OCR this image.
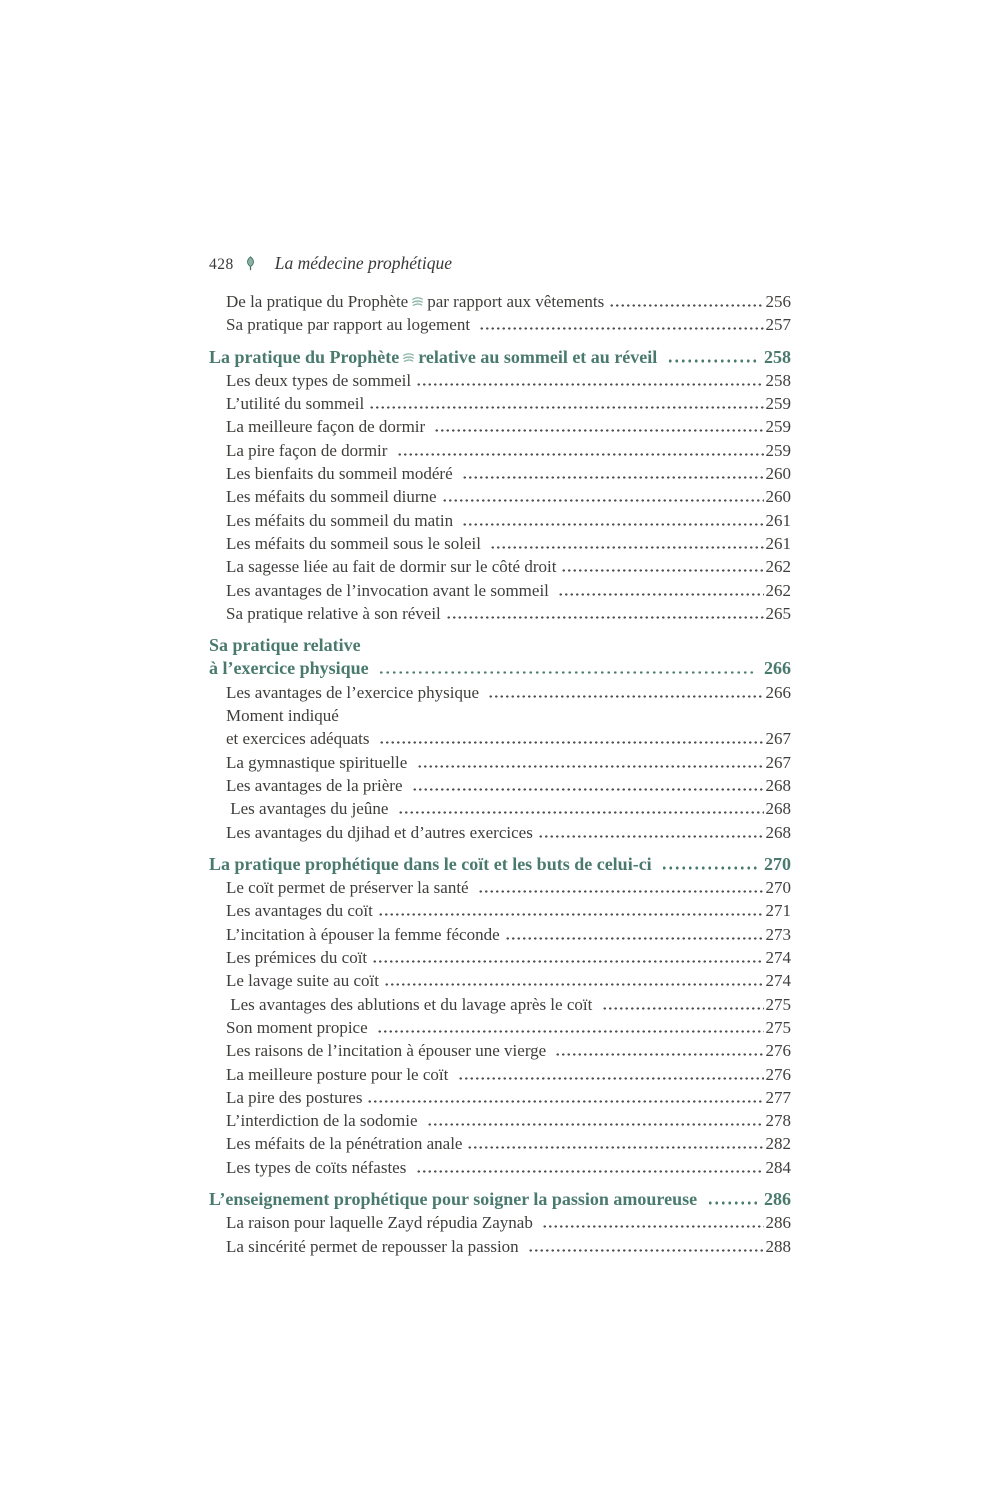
428 La médecine prophétique
De la pratique du Prophète par rapport aux vêtements	256
Sa pratique par rapport au logement	257
La pratique du Prophète relative au sommeil et au réveil	258
Les deux types de sommeil	258
L’utilité du sommeil	259
La meilleure façon de dormir	259
La pire façon de dormir	259
Les bienfaits du sommeil modéré	260
Les méfaits du sommeil diurne	260
Les méfaits du sommeil du matin	261
Les méfaits du sommeil sous le soleil	261
La sagesse liée au fait de dormir sur le côté droit	262
Les avantages de l’invocation avant le sommeil	262
Sa pratique relative à son réveil	265
Sa pratique relative
à l’exercice physique	266
Les avantages de l’exercice physique	266
Moment indiqué
et exercices adéquats	267
La gymnastique spirituelle	267
Les avantages de la prière	268
Les avantages du jeûne	268
Les avantages du djihad et d’autres exercices	268
La pratique prophétique dans le coït et les buts de celui-ci	270
Le coït permet de préserver la santé	270
Les avantages du coït	271
L’incitation à épouser la femme féconde	273
Les prémices du coït	274
Le lavage suite au coït	274
Les avantages des ablutions et du lavage après le coït	275
Son moment propice	275
Les raisons de l’incitation à épouser une vierge	276
La meilleure posture pour le coït	276
La pire des postures	277
L’interdiction de la sodomie	278
Les méfaits de la pénétration anale	282
Les types de coïts néfastes	284
L’enseignement prophétique pour soigner la passion amoureuse	286
La raison pour laquelle Zayd répudia Zaynab	286
La sincérité permet de repousser la passion	288
